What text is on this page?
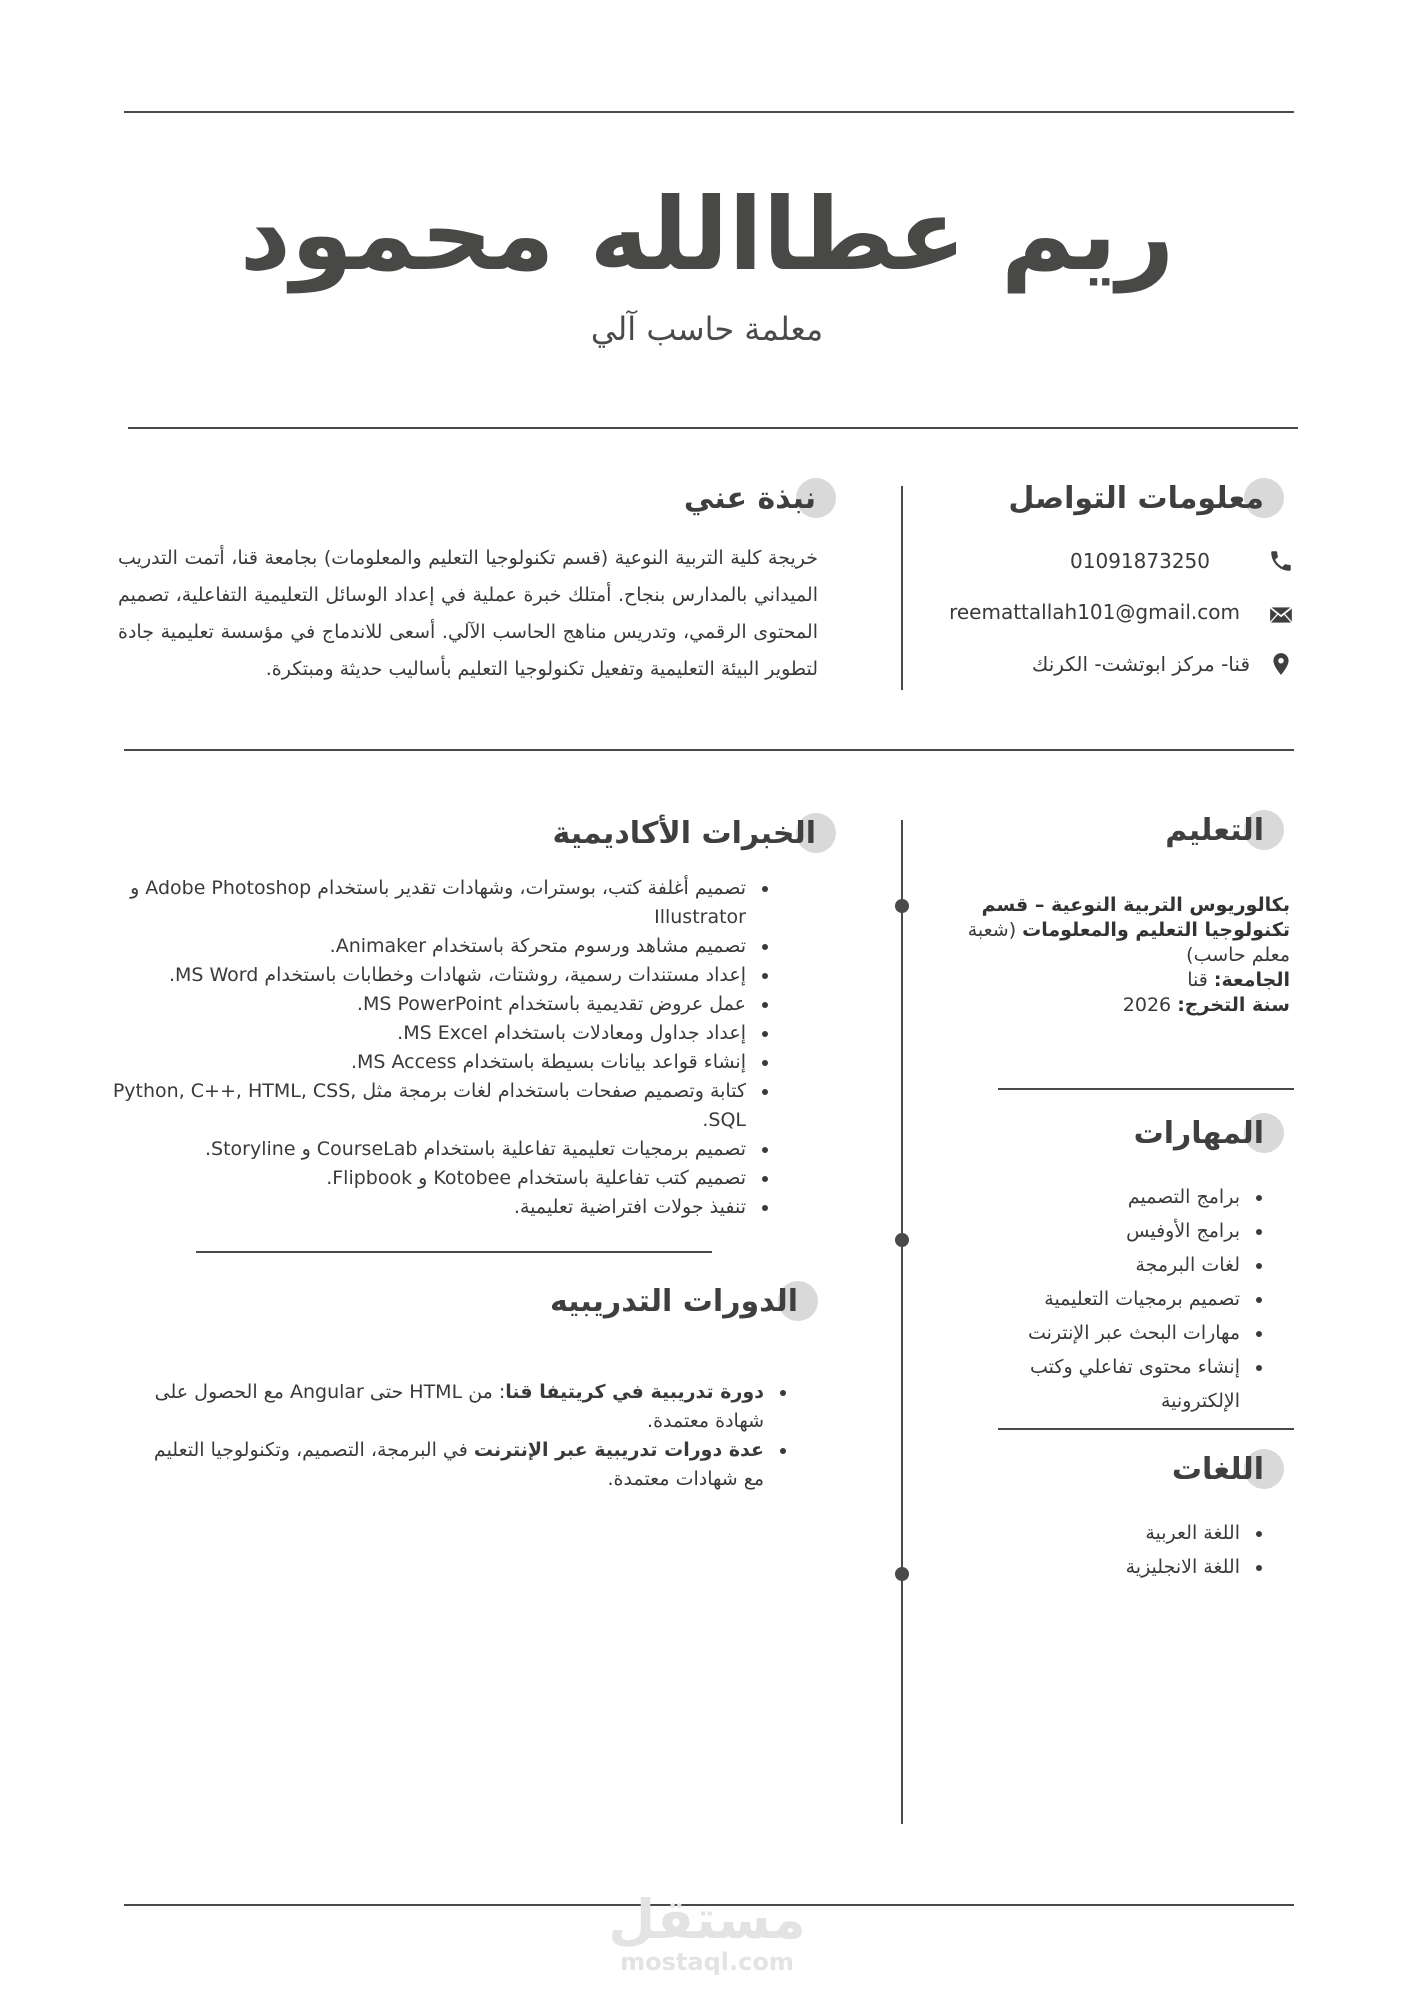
ريم عطاالله محمود
معلمة حاسب آلي
معلومات التواصل
01091873250
reemattallah101@gmail.com
قنا- مركز ابوتشت- الكرنك
نبذة عني
خريجة كلية التربية النوعية (قسم تكنولوجيا التعليم والمعلومات) بجامعة قنا، أتمت التدريب الميداني بالمدارس بنجاح. أمتلك خبرة عملية في إعداد الوسائل التعليمية التفاعلية، تصميم المحتوى الرقمي، وتدريس مناهج الحاسب الآلي. أسعى للاندماج في مؤسسة تعليمية جادة لتطوير البيئة التعليمية وتفعيل تكنولوجيا التعليم بأساليب حديثة ومبتكرة.
الخبرات الأكاديمية
• تصميم أغلفة كتب، بوسترات، وشهادات تقدير باستخدام Adobe Photoshop و Illustrator
• تصميم مشاهد ورسوم متحركة باستخدام Animaker.
• إعداد مستندات رسمية، روشتات، شهادات وخطابات باستخدام MS Word.
• عمل عروض تقديمية باستخدام MS PowerPoint.
• إعداد جداول ومعادلات باستخدام MS Excel.
• إنشاء قواعد بيانات بسيطة باستخدام MS Access.
• كتابة وتصميم صفحات باستخدام لغات برمجة مثل Python, C++, HTML, CSS, SQL.
• تصميم برمجيات تعليمية تفاعلية باستخدام CourseLab و Storyline.
• تصميم كتب تفاعلية باستخدام Kotobee و Flipbook.
• تنفيذ جولات افتراضية تعليمية.
الدورات التدريبيه
• دورة تدريبية في كريتيفا قنا: من HTML حتى Angular مع الحصول على شهادة معتمدة.
• عدة دورات تدريبية عبر الإنترنت في البرمجة، التصميم، وتكنولوجيا التعليم مع شهادات معتمدة.
التعليم
بكالوريوس التربية النوعية – قسم تكنولوجيا التعليم والمعلومات (شعبة معلم حاسب)
الجامعة: قنا
سنة التخرج: 2026
المهارات
• برامج التصميم
• برامج الأوفيس
• لغات البرمجة
• تصميم برمجيات التعليمية
• مهارات البحث عبر الإنترنت
• إنشاء محتوى تفاعلي وكتب الإلكترونية
اللغات
• اللغة العربية
• اللغة الانجليزية
مستقل
mostaql.com
